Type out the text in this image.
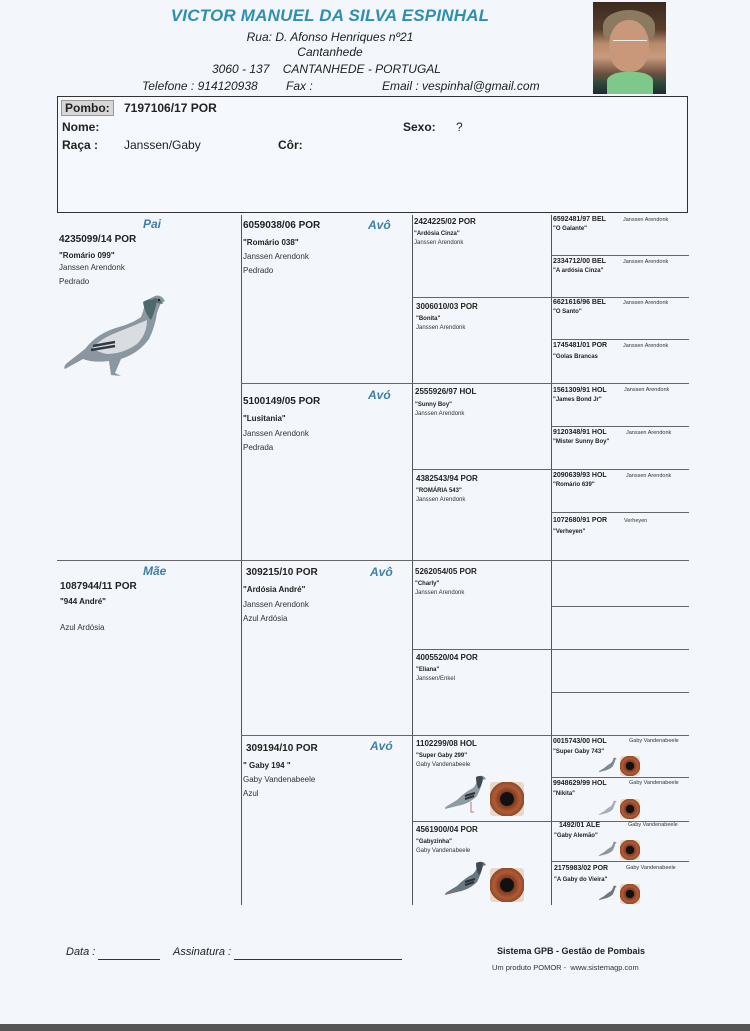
VICTOR MANUEL DA SILVA ESPINHAL
Rua: D. Afonso Henriques nº21
Cantanhede
3060 - 137    CANTANHEDE - PORTUGAL
Telefone : 914120938 Fax :	Email : vespinhal@gmail.com
Pombo:	7197106/17 POR
Nome:	Sexo: ?
Raça : Janssen/Gaby	Côr:
Pai
4235099/14 POR
"Romário 099"
Janssen Arendonk
Pedrado
Mãe
1087944/11 POR
"944 André"
Azul Ardósia
Avô
6059038/06 POR
"Romário 038"
Janssen Arendonk
Pedrado
Avó
5100149/05 POR
"Lusitania"
Janssen Arendonk
Pedrada
Avô
309215/10 POR
"Ardósia André"
Janssen Arendonk
Azul Ardósia
Avó
309194/10 POR
" Gaby 194 "
Gaby Vandenabeele
Azul
2424225/02 POR
"Ardósia Cinza"
Janssen Arendonk
3006010/03 POR
"Bonita"
Janssen Arendonk
2555926/97 HOL
"Sunny Boy"
Janssen Arendonk
4382543/94 POR
"ROMÁRIA 543"
Janssen Arendonk
5262054/05 POR
"Charly"
Janssen Arendonk
4005520/04 POR
"Eliana"
Janssen/Enkel
1102299/08 HOL
"Super Gaby 299"
Gaby Vandenabeele
4561900/04 POR
"Gabyzinha"
Gaby Vandenabeele
6592481/97 BEL
"O Galante"
Janssen Arendonk
2334712/00 BEL
"A ardósia Cinza"
Janssen Arendonk
6621616/96 BEL
"O Santo"
Janssen Arendonk
1745481/01 POR
"Golas Brancas
Janssen Arendonk
1561309/91 HOL
"James Bond Jr"
Janssen Arendonk
9120348/91 HOL
"Mister Sunny Boy"
Janssen Arendonk
2090639/93 HOL
"Romário 639"
Janssen Arendonk
1072680/91 POR
"Verheyen"
Verheyen
0015743/00 HOL
"Super Gaby 743"
Gaby Vandenabeele
9948629/99 HOL
"Nikita"
Gaby Vandenabeele
1492/01 ALE
"Gaby Alemão"
Gaby Vandenabeele
2175983/02 POR
"A Gaby do Vieira"
Gaby Vandenabeele
Data :	Assinatura :	Sistema GPB - Gestão de Pombais
Um produto POMOR -  www.sistemagp.com
